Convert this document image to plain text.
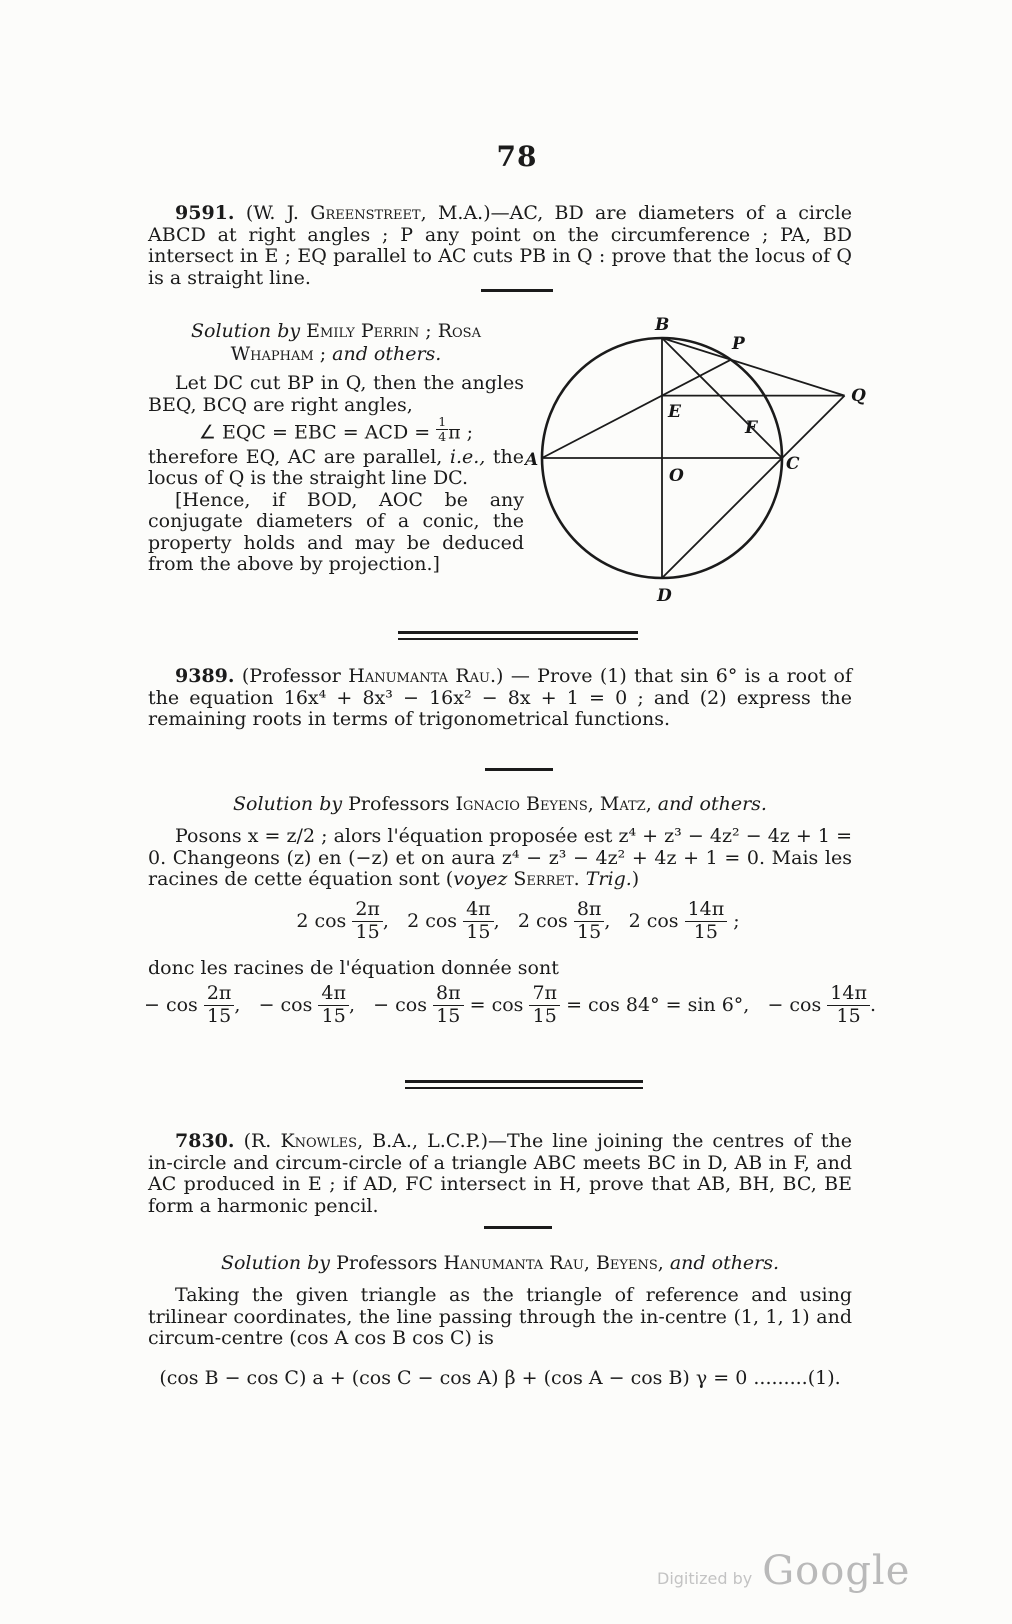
78

9591. (W. J. Greenstreet, M.A.)—AC, BD are diameters of a circle ABCD at right angles ; P any point on the circumference ; PA, BD intersect in E ; EQ parallel to AC cuts PB in Q : prove that the locus of Q is a straight line.

Solution by Emily Perrin ; Rosa Whapham ; and others.

Let DC cut BP in Q, then the angles BEQ, BCQ are right angles,

∠ EQC = EBC = ACD = $\frac{1}{4}$ π ;

therefore EQ, AC are parallel, i.e., the locus of Q is the straight line DC.

[Hence, if BOD, AOC be any conjugate diameters of a conic, the property holds and may be deduced from the above by projection.]

B
P
Q
E
A
O
F
C
D

9389. (Professor Hanumanta Rau.) — Prove (1) that sin 6° is a root of the equation 16x⁴ + 8x³ − 16x² − 8x + 1 = 0 ; and (2) express the remaining roots in terms of trigonometrical functions.

Solution by Professors Ignacio Beyens, Matz, and others.

Posons x = z/2 ; alors l'équation proposée est z⁴ + z³ − 4z² − 4z + 1 = 0. Changeons (z) en (−z) et on aura z⁴ − z³ − 4z² + 4z + 1 = 0. Mais les racines de cette équation sont (voyez Serret. Trig.)

2 $\cos \frac{2\pi}{15}$ , 2 $\cos \frac{4\pi}{15}$ , 2 $\cos \frac{8\pi}{15}$ , 2 $\cos \frac{14\pi}{15}$ ;

donc les racines de l'équation donnée sont

− $\cos \frac{2\pi}{15}$ , − $\cos \frac{4\pi}{15}$ , − $\cos \frac{8\pi}{15} = \cos \frac{7\pi}{15} = \cos 84^\circ = \sin 6^\circ$, − $\cos \frac{14\pi}{15}$ .

7830. (R. Knowles, B.A., L.C.P.)—The line joining the centres of the in-circle and circum-circle of a triangle ABC meets BC in D, AB in F, and AC produced in E ; if AD, FC intersect in H, prove that AB, BH, BC, BE form a harmonic pencil.

Solution by Professors Hanumanta Rau, Beyens, and others.

Taking the given triangle as the triangle of reference and using trilinear coordinates, the line passing through the in-centre (1, 1, 1) and circum-centre (cos A cos B cos C) is

(cos B − cos C) a + (cos C − cos A) β + (cos A − cos B) γ = 0 .........(1).

Digitized by Google
